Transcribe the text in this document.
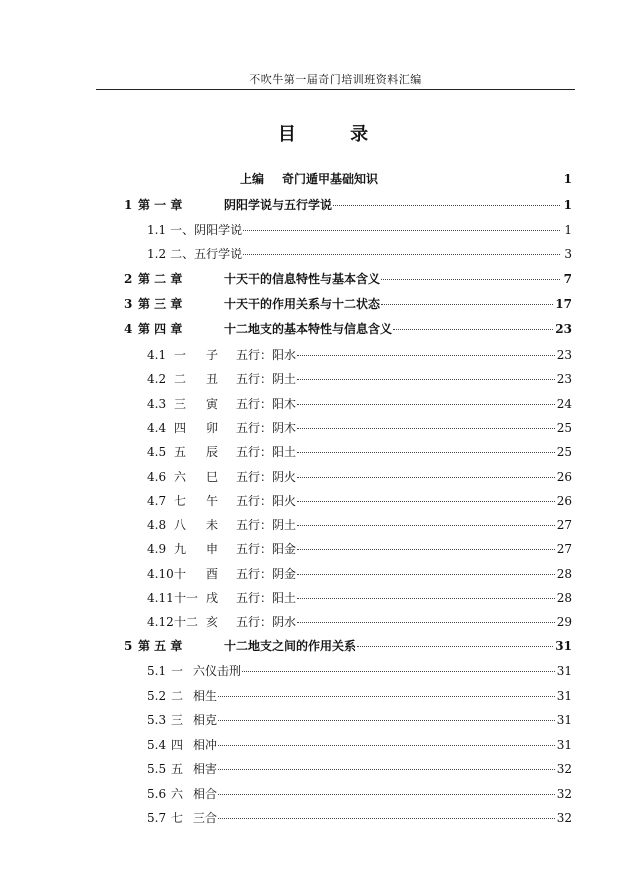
不吹牛第一届奇门培训班资料汇编
目 录
上编 奇门遁甲基础知识	1
1 第 一 章	阴阳学说与五行学说	1
1.1 一、阴阳学说	1
1.2 二、五行学说	3
2 第 二 章	十天干的信息特性与基本含义	7
3 第 三 章	十天干的作用关系与十二状态	17
4 第 四 章	十二地支的基本特性与信息含义	23
4.1 一	子	五行：阳水	23
4.2 二	丑	五行：阴土	23
4.3 三	寅	五行：阳木	24
4.4 四	卯	五行：阴木	25
4.5 五	辰	五行：阳土	25
4.6 六	巳	五行：阴火	26
4.7 七	午	五行：阳火	26
4.8 八	未	五行：阴土	27
4.9 九	申	五行：阳金	27
4.10 十	酉	五行：阴金	28
4.11 十一 戌	五行：阳土	28
4.12 十二 亥	五行：阴水	29
5 第 五 章	十二地支之间的作用关系	31
5.1 一 六仪击刑	31
5.2 二 相生	31
5.3 三 相克	31
5.4 四 相冲	31
5.5 五 相害	32
5.6 六 相合	32
5.7 七 三合	32
